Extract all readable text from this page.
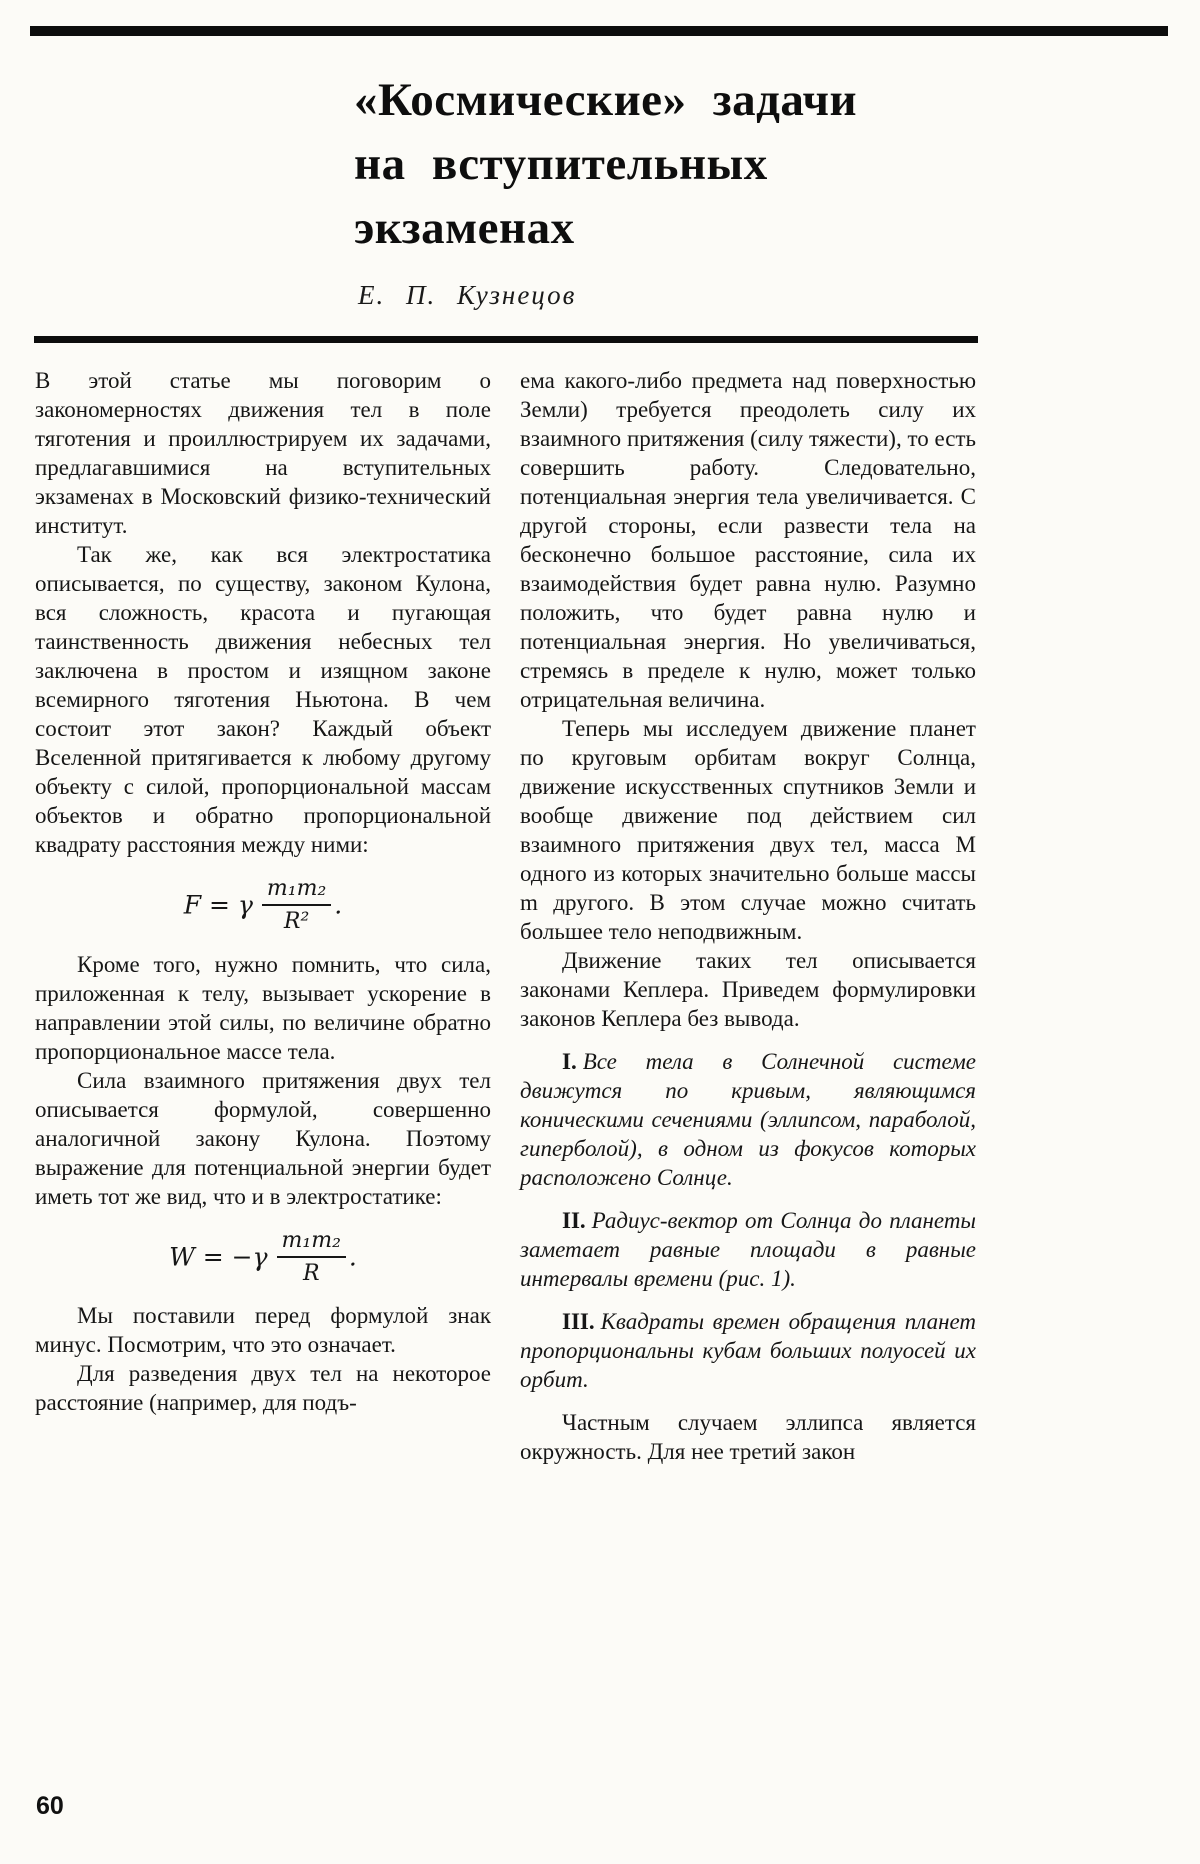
«Космические» задачи
на вступительных
экзаменах
Е. П. Кузнецов

В этой статье мы поговорим о закономерностях движения тел в поле тяготения и проиллюстрируем их задачами, предлагавшимися на вступительных экзаменах в Московский физико-технический институт.

Так же, как вся электростатика описывается, по существу, законом Кулона, вся сложность, красота и пугающая таинственность движения небесных тел заключена в простом и изящном законе всемирного тяготения Ньютона. В чем состоит этот закон? Каждый объект Вселенной притягивается к любому другому объекту с силой, пропорциональной массам объектов и обратно пропорциональной квадрату расстояния между ними:

F = γ $\frac{\text{m₁m₂}}{\text{R²}}$ .

Кроме того, нужно помнить, что сила, приложенная к телу, вызывает ускорение в направлении этой силы, по величине обратно пропорциональное массе тела.

Сила взаимного притяжения двух тел описывается формулой, совершенно аналогичной закону Кулона. Поэтому выражение для потенциальной энергии будет иметь тот же вид, что и в электростатике:

$W = -\gamma \frac{\text{m₁m₂}}{R}$ .

Мы поставили перед формулой знак минус. Посмотрим, что это означает.

Для разведения двух тел на некоторое расстояние (например, для подъ-

ема какого-либо предмета над поверхностью Земли) требуется преодолеть силу их взаимного притяжения (силу тяжести), то есть совершить работу. Следовательно, потенциальная энергия тела увеличивается. С другой стороны, если развести тела на бесконечно большое расстояние, сила их взаимодействия будет равна нулю. Разумно положить, что будет равна нулю и потенциальная энергия. Но увеличиваться, стремясь в пределе к нулю, может только отрицательная величина.

Теперь мы исследуем движение планет по круговым орбитам вокруг Солнца, движение искусственных спутников Земли и вообще движение под действием сил взаимного притяжения двух тел, масса М одного из которых значительно больше массы m другого. В этом случае можно считать большее тело неподвижным.

Движение таких тел описывается законами Кеплера. Приведем формулировки законов Кеплера без вывода.

I. Все тела в Солнечной системе движутся по кривым, являющимся коническими сечениями (эллипсом, параболой, гиперболой), в одном из фокусов которых расположено Солнце.

II. Радиус-вектор от Солнца до планеты заметает равные площади в равные интервалы времени (рис. 1).

III. Квадраты времен обращения планет пропорциональны кубам больших полуосей их орбит.

Частным случаем эллипса является окружность. Для нее третий закон

60
